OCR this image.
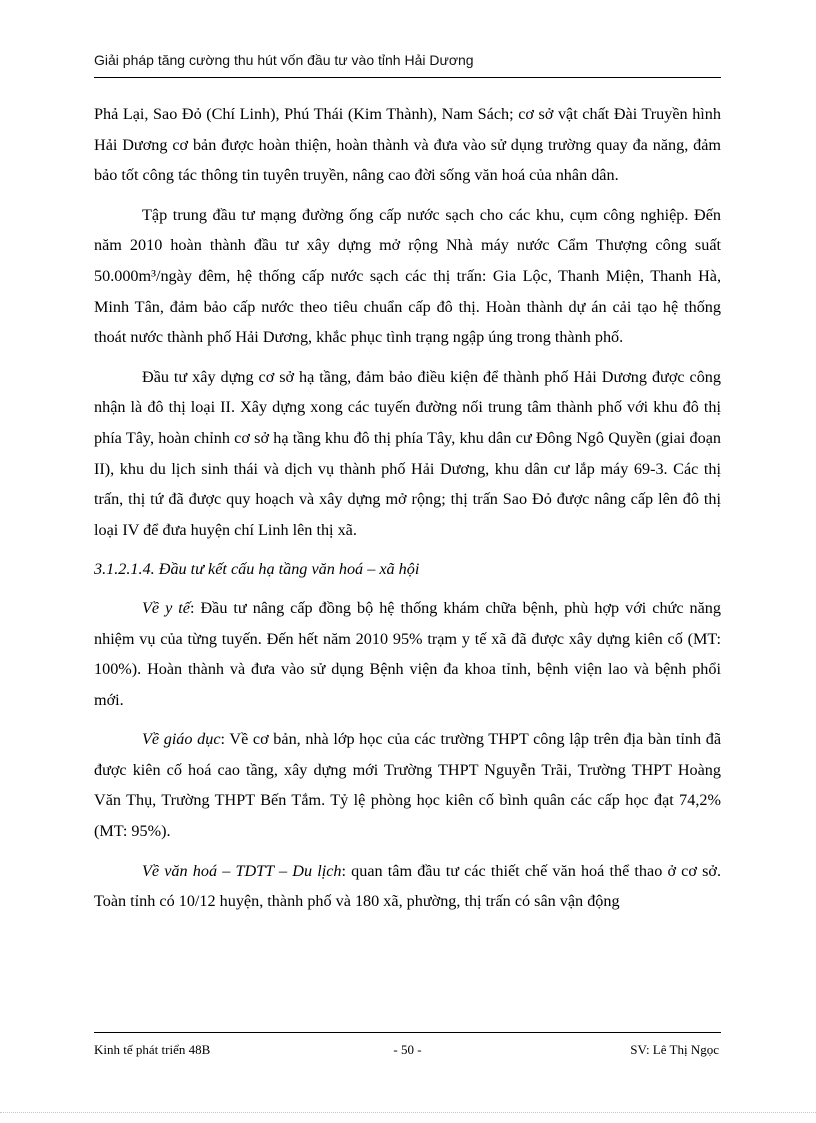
Giải pháp tăng cường thu hút vốn đầu tư vào tỉnh Hải Dương

Phả Lại, Sao Đỏ (Chí Linh), Phú Thái (Kim Thành), Nam Sách; cơ sở vật chất Đài Truyền hình Hải Dương cơ bản được hoàn thiện, hoàn thành và đưa vào sử dụng trường quay đa năng, đảm bảo tốt công tác thông tin tuyên truyền, nâng cao đời sống văn hoá của nhân dân.

Tập trung đầu tư mạng đường ống cấp nước sạch cho các khu, cụm công nghiệp. Đến năm 2010 hoàn thành đầu tư xây dựng mở rộng Nhà máy nước Cẩm Thượng công suất 50.000m³/ngày đêm, hệ thống cấp nước sạch các thị trấn: Gia Lộc, Thanh Miện, Thanh Hà, Minh Tân, đảm bảo cấp nước theo tiêu chuẩn cấp đô thị. Hoàn thành dự án cải tạo hệ thống thoát nước thành phố Hải Dương, khắc phục tình trạng ngập úng trong thành phố.

Đầu tư xây dựng cơ sở hạ tầng, đảm bảo điều kiện để thành phố Hải Dương được công nhận là đô thị loại II. Xây dựng xong các tuyến đường nối trung tâm thành phố với khu đô thị phía Tây, hoàn chỉnh cơ sở hạ tầng khu đô thị phía Tây, khu dân cư Đông Ngô Quyền (giai đoạn II), khu du lịch sinh thái và dịch vụ thành phố Hải Dương, khu dân cư lắp máy 69-3. Các thị trấn, thị tứ đã được quy hoạch và xây dựng mở rộng; thị trấn Sao Đỏ được nâng cấp lên đô thị loại IV để đưa huyện chí Linh lên thị xã.

3.1.2.1.4. Đầu tư kết cấu hạ tầng văn hoá – xã hội

Về y tế: Đầu tư nâng cấp đồng bộ hệ thống khám chữa bệnh, phù hợp với chức năng nhiệm vụ của từng tuyến. Đến hết năm 2010 95% trạm y tế xã đã được xây dựng kiên cố (MT: 100%). Hoàn thành và đưa vào sử dụng Bệnh viện đa khoa tỉnh, bệnh viện lao và bệnh phổi mới.

Về giáo dục: Về cơ bản, nhà lớp học của các trường THPT công lập trên địa bàn tỉnh đã được kiên cố hoá cao tầng, xây dựng mới Trường THPT Nguyễn Trãi, Trường THPT Hoàng Văn Thụ, Trường THPT Bến Tắm. Tỷ lệ phòng học kiên cố bình quân các cấp học đạt 74,2% (MT: 95%).

Về văn hoá – TDTT – Du lịch: quan tâm đầu tư các thiết chế văn hoá thể thao ở cơ sở. Toàn tỉnh có 10/12 huyện, thành phố và 180 xã, phường, thị trấn có sân vận động

Kinh tế phát triển 48B	- 50 -	SV: Lê Thị Ngọc
